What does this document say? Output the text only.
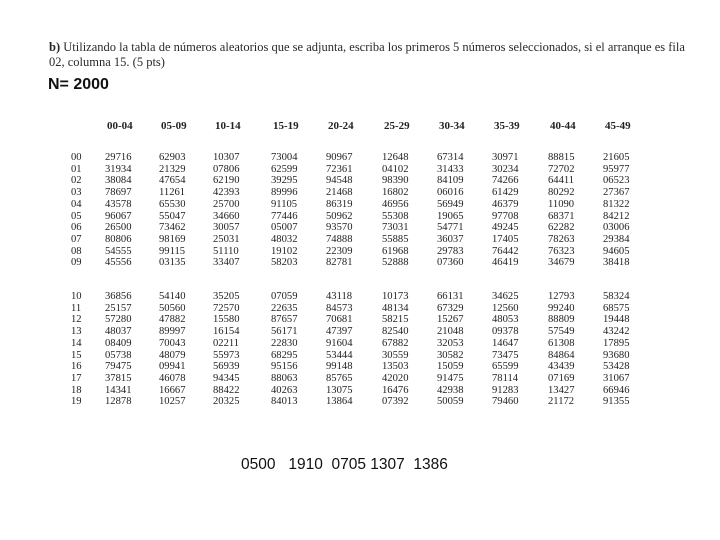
b) Utilizando la tabla de números aleatorios que se adjunta, escriba los primeros 5 números seleccionados, si el arranque es fila 02, columna 15. (5 pts)
N= 2000
00-04	05-09	10-14	15-19	20-24	25-29	30-34	35-39	40-44	45-49
00 29716	62903	10307	73004	90967	12648	67314	30971	88815	21605
01 31934	21329	07806	62599	72361	04102	31433	30234	72702	95977
02 38084	47654	62190	39295	94548	98390	84109	74266	64411	06523
03 78697	11261	42393	89996	21468	16802	06016	61429	80292	27367
04 43578	65530	25700	91105	86319	46956	56949	46379	11090	81322
05 96067	55047	34660	77446	50962	55308	19065	97708	68371	84212
06 26500	73462	30057	05007	93570	73031	54771	49245	62282	03006
07 80806	98169	25031	48032	74888	55885	36037	17405	78263	29384
08 54555	99115	51110	19102	22309	61968	29783	76442	76323	94605
09 45556	03135	33407	58203	82781	52888	07360	46419	34679	38418
10 36856	54140	35205	07059	43118	10173	66131	34625	12793	58324
11 25157	50560	72570	22635	84573	48134	67329	12560	99240	68575
12 57280	47882	15580	87657	70681	58215	15267	48053	88809	19448
13 48037	89997	16154	56171	47397	82540	21048	09378	57549	43242
14 08409	70043	02211	22830	91604	67882	32053	14647	61308	17895
15 05738	48079	55973	68295	53444	30559	30582	73475	84864	93680
16 79475	09941	56939	95156	99148	13503	15059	65599	43439	53428
17 37815	46078	94345	88063	85765	42020	91475	78114	07169	31067
18 14341	16667	88422	40263	13075	16476	42938	91283	13427	66946
19 12878	10257	20325	84013	13864	07392	50059	79460	21172	91355
0500   1910  0705 1307  1386
